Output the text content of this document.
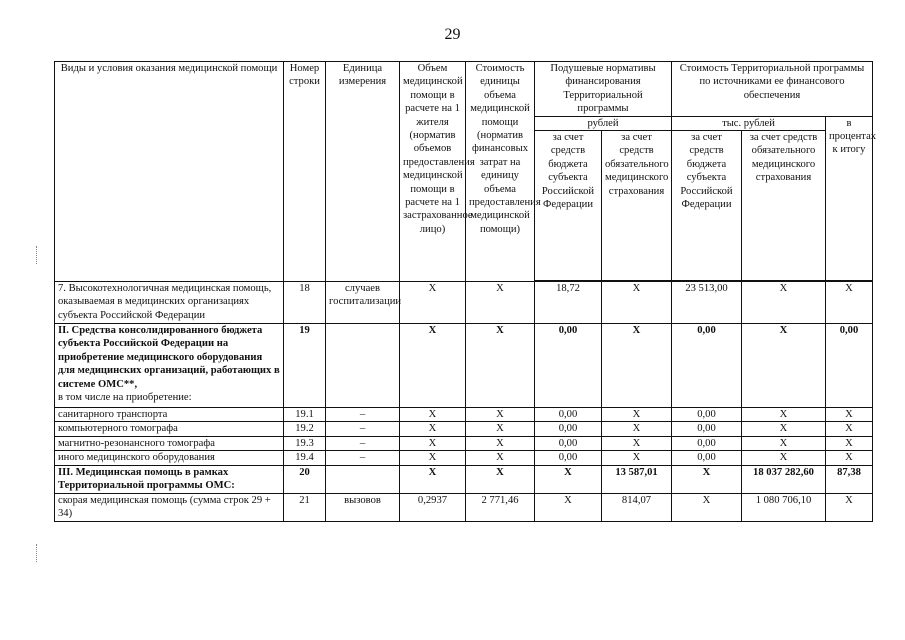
29
Виды и условия оказания медицинской помощи	Номер строки	Единица измерения	Объем медицинской помощи в расчете на 1 жителя (норматив объемов предоставления медицинской помощи в расчете на 1 застрахованное лицо)	Стоимость единицы объема медицинской помощи (норматив финансовых затрат на единицу объема предоставления медицинской помощи)	Подушевые нормативы финансирования Территориальной программы		Стоимость Территориальной программы по источниками ее финансового обеспечения		
					рублей		тыс. рублей		в процентах к итогу
					за счет средств бюджета субъекта Российской Федерации	за счет средств обязательного медицинского страхования	за счет средств бюджета субъекта Российской Федерации	за счет средств обязательного медицинского страхования	

7. Высокотехнологичная медицинская помощь, оказываемая в медицинских организациях субъекта Российской Федерации	18	случаев госпитализации	X	X	18,72	X	23 513,00	X	X
II. Средства консолидированного бюджета субъекта Российской Федерации на приобретение медицинского оборудования для медицинских организаций, работающих в системе ОМС**,
в том числе на приобретение:	19		X	X	0,00	X	0,00	X	0,00
санитарного транспорта	19.1	–	X	X	0,00	X	0,00	X	X
компьютерного томографа	19.2	–	X	X	0,00	X	0,00	X	X
магнитно-резонансного томографа	19.3	–	X	X	0,00	X	0,00	X	X
иного медицинского оборудования	19.4	–	X	X	0,00	X	0,00	X	X
III. Медицинская помощь в рамках Территориальной программы ОМС:	20		X	X	X	13 587,01	X	18 037 282,60	87,38
скорая медицинская помощь (сумма строк 29 + 34)	21	вызовов	0,2937	2 771,46	X	814,07	X	1 080 706,10	X
